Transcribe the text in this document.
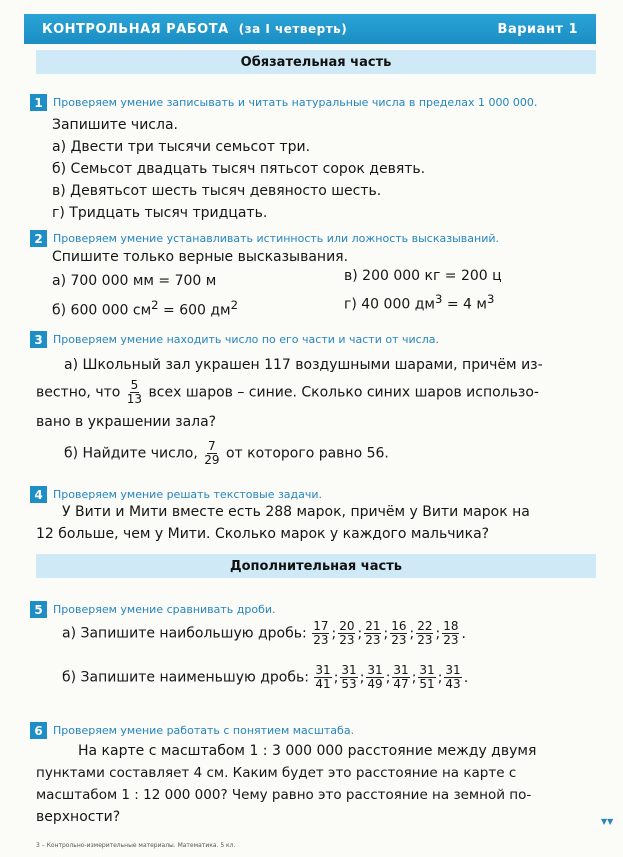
КОНТРОЛЬНАЯ РАБОТА (за I четверть)	Вариант 1
Обязательная часть
1 Проверяем умение записывать и читать натуральные числа в пределах 1 000 000.
Запишите числа.
а) Двести три тысячи семьсот три.
б) Семьсот двадцать тысяч пятьсот сорок девять.
в) Девятьсот шесть тысяч девяносто шесть.
г) Тридцать тысяч тридцать.
2 Проверяем умение устанавливать истинность или ложность высказываний.
Спишите только верные высказывания.
а) 700 000 мм = 700 м
б) 600 000 $см^2 = 600$ $дм^2$
в) 200 000 кг = 200 ц
г) 40 000 $дм^3 = 4$ $м^3$
3 Проверяем умение находить число по его части и части от числа.
а) Школьный зал украшен 117 воздушными шарами, причём из-
вестно, что $\frac{5}{13}$ всех шаров – синие. Сколько синих шаров использо-
вано в украшении зала?
б) Найдите число, $\frac{7}{29}$ от которого равно 56.
4 Проверяем умение решать текстовые задачи.
У Вити и Мити вместе есть 288 марок, причём у Вити марок на
12 больше, чем у Мити. Сколько марок у каждого мальчика?
Дополнительная часть
5 Проверяем умение сравнивать дроби.
а) Запишите наибольшую дробь: $\frac{17}{23}$ ; $\frac{20}{23}$ ; $\frac{21}{23}$ ; $\frac{16}{23}$ ; $\frac{22}{23}$ ; $\frac{18}{23}$ .
б) Запишите наименьшую дробь: $\frac{31}{41}$ ; $\frac{31}{53}$ ; $\frac{31}{49}$ ; $\frac{31}{47}$ ; $\frac{31}{51}$ ; $\frac{31}{43}$ .
6 Проверяем умение работать с понятием масштаба.
На карте с масштабом 1 : 3 000 000 расстояние между двумя
пунктами составляет 4 см. Каким будет это расстояние на карте с
масштабом 1 : 12 000 000? Чему равно это расстояние на земной по-
верхности?	▼▼
3 – Контрольно-измерительные материалы. Математика. 5 кл.
